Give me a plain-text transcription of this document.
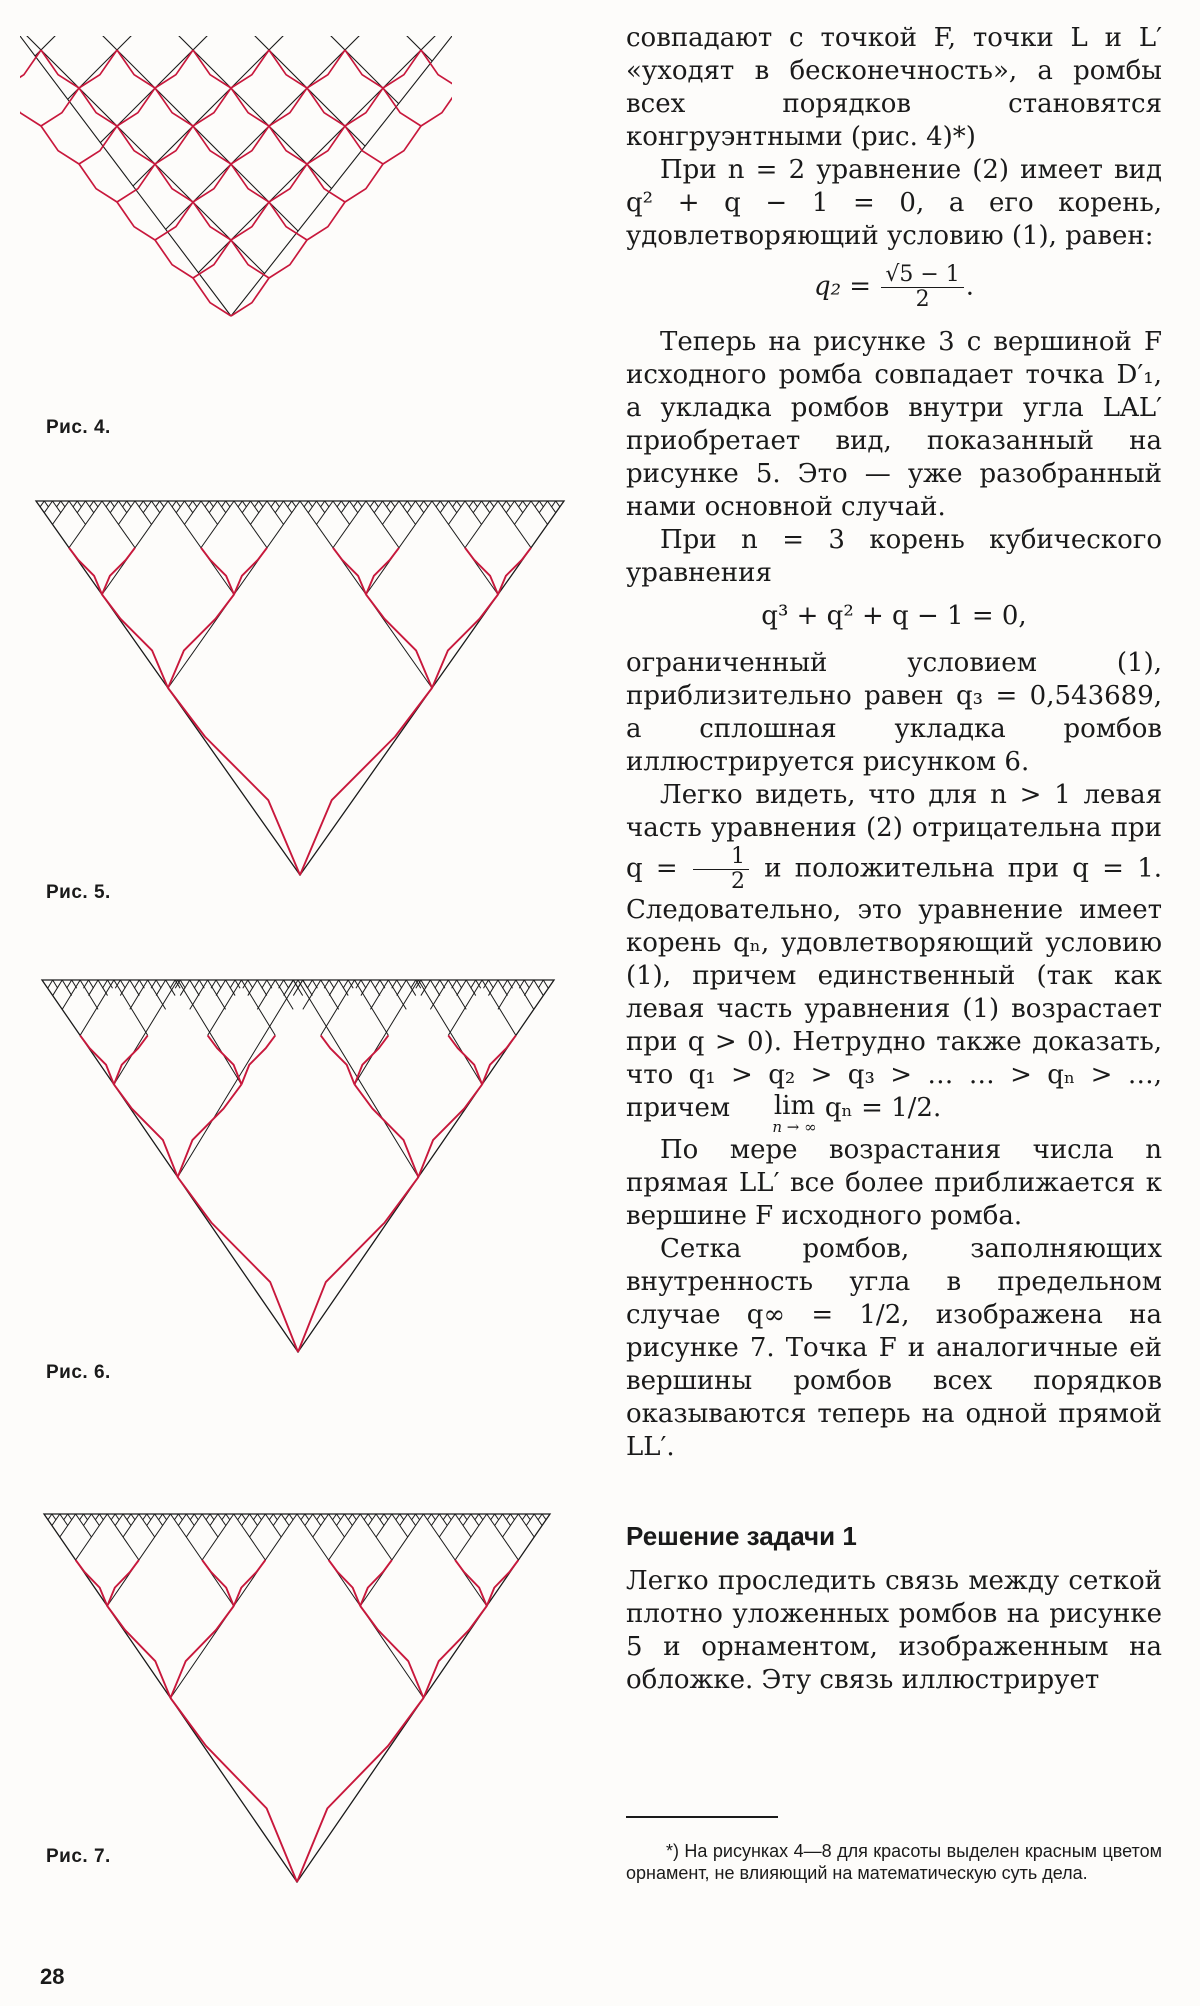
Рис. 4.
Рис. 5.
Рис. 6.
Рис. 7.
28

совпадают с точкой F, точки L и L′ «уходят в бесконечность», а ромбы всех порядков становятся конгруэнтными (рис. 4)*)

При n = 2 уравнение (2) имеет вид q² + q − 1 = 0, а его корень, удовлетворяющий условию (1), равен:

$q_2 = \frac{√5 - 1}{2}$ .

Теперь на рисунке 3 с вершиной F исходного ромба совпадает точка D′₁, а укладка ромбов внутри угла LAL′ приобретает вид, показанный на рисунке 5. Это — уже разобранный нами основной случай.

При n = 3 корень кубического уравнения

q³ + q² + q − 1 = 0,

ограниченный условием (1), приблизительно равен q₃ = 0,543689, а сплошная укладка ромбов иллюстрируется рисунком 6.

Легко видеть, что для n > 1 левая часть уравнения (2) отрицательна при $q = \frac{1}{2}$ и положительна при q = 1. Следовательно, это уравнение имеет корень qₙ, удовлетворяющий условию (1), причем единственный (так как левая часть уравнения (1) возрастает при q > 0). Нетрудно также доказать, что q₁ > q₂ > q₃ > … … > qₙ > …, причем lim
n → ∞
qₙ = 1/2.

По мере возрастания числа n прямая LL′ все более приближается к вершине F исходного ромба.

Сетка ромбов, заполняющих внутренность угла в предельном случае q∞ = 1/2, изображена на рисунке 7. Точка F и аналогичные ей вершины ромбов всех порядков оказываются теперь на одной прямой LL′.

Решение задачи 1

Легко проследить связь между сеткой плотно уложенных ромбов на рисунке 5 и орнаментом, изображенным на обложке. Эту связь иллюстрирует

*) На рисунках 4—8 для красоты выделен красным цветом орнамент, не влияющий на математическую суть дела.
